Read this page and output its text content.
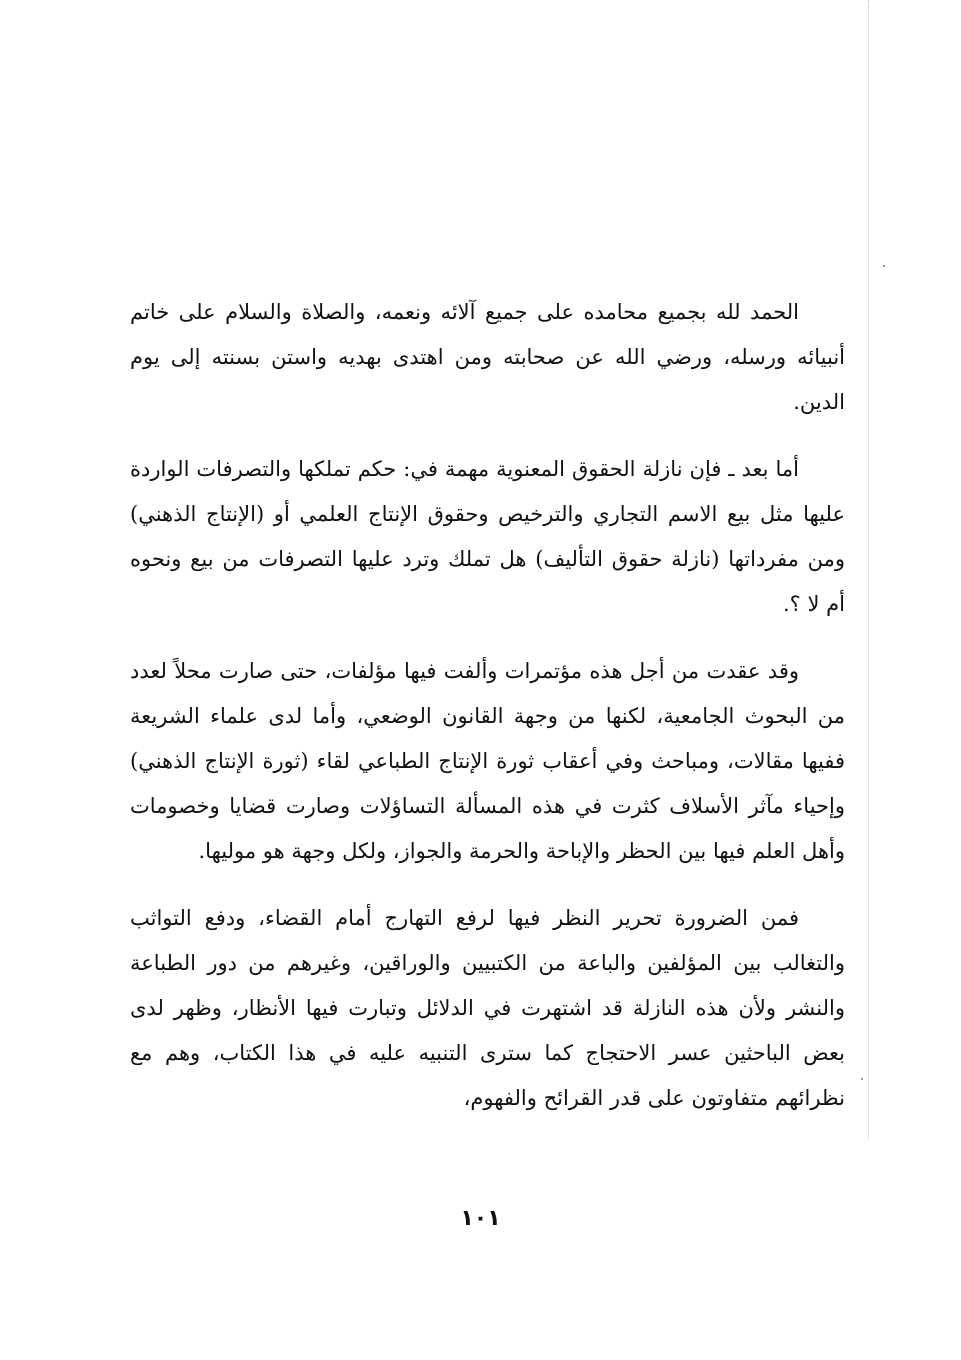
الحمد لله بجميع محامده على جميع آلائه ونعمه، والصلاة والسلام على خاتم أنبيائه ورسله، ورضي الله عن صحابته ومن اهتدى بهديه واستن بسنته إلى يوم الدين.

أما بعد ـ فإن نازلة الحقوق المعنوية مهمة في: حكم تملكها والتصرفات الواردة عليها مثل بيع الاسم التجاري والترخيص وحقوق الإنتاج العلمي أو (الإنتاج الذهني) ومن مفرداتها (نازلة حقوق التأليف) هل تملك وترد عليها التصرفات من بيع ونحوه أم لا ؟.

وقد عقدت من أجل هذه مؤتمرات وألفت فيها مؤلفات، حتى صارت محلاً لعدد من البحوث الجامعية، لكنها من وجهة القانون الوضعي، وأما لدى علماء الشريعة ففيها مقالات، ومباحث وفي أعقاب ثورة الإنتاج الطباعي لقاء (ثورة الإنتاج الذهني) وإحياء مآثر الأسلاف كثرت في هذه المسألة التساؤلات وصارت قضايا وخصومات وأهل العلم فيها بين الحظر والإباحة والحرمة والجواز، ولكل وجهة هو موليها.

فمن الضرورة تحرير النظر فيها لرفع التهارج أمام القضاء، ودفع التواثب والتغالب بين المؤلفين والباعة من الكتبيين والوراقين، وغيرهم من دور الطباعة والنشر ولأن هذه النازلة قد اشتهرت في الدلائل وتبارت فيها الأنظار، وظهر لدى بعض الباحثين عسر الاحتجاج كما سترى التنبيه عليه في هذا الكتاب، وهم مع نظرائهم متفاوتون على قدر القرائح والفهوم،

١٠١
